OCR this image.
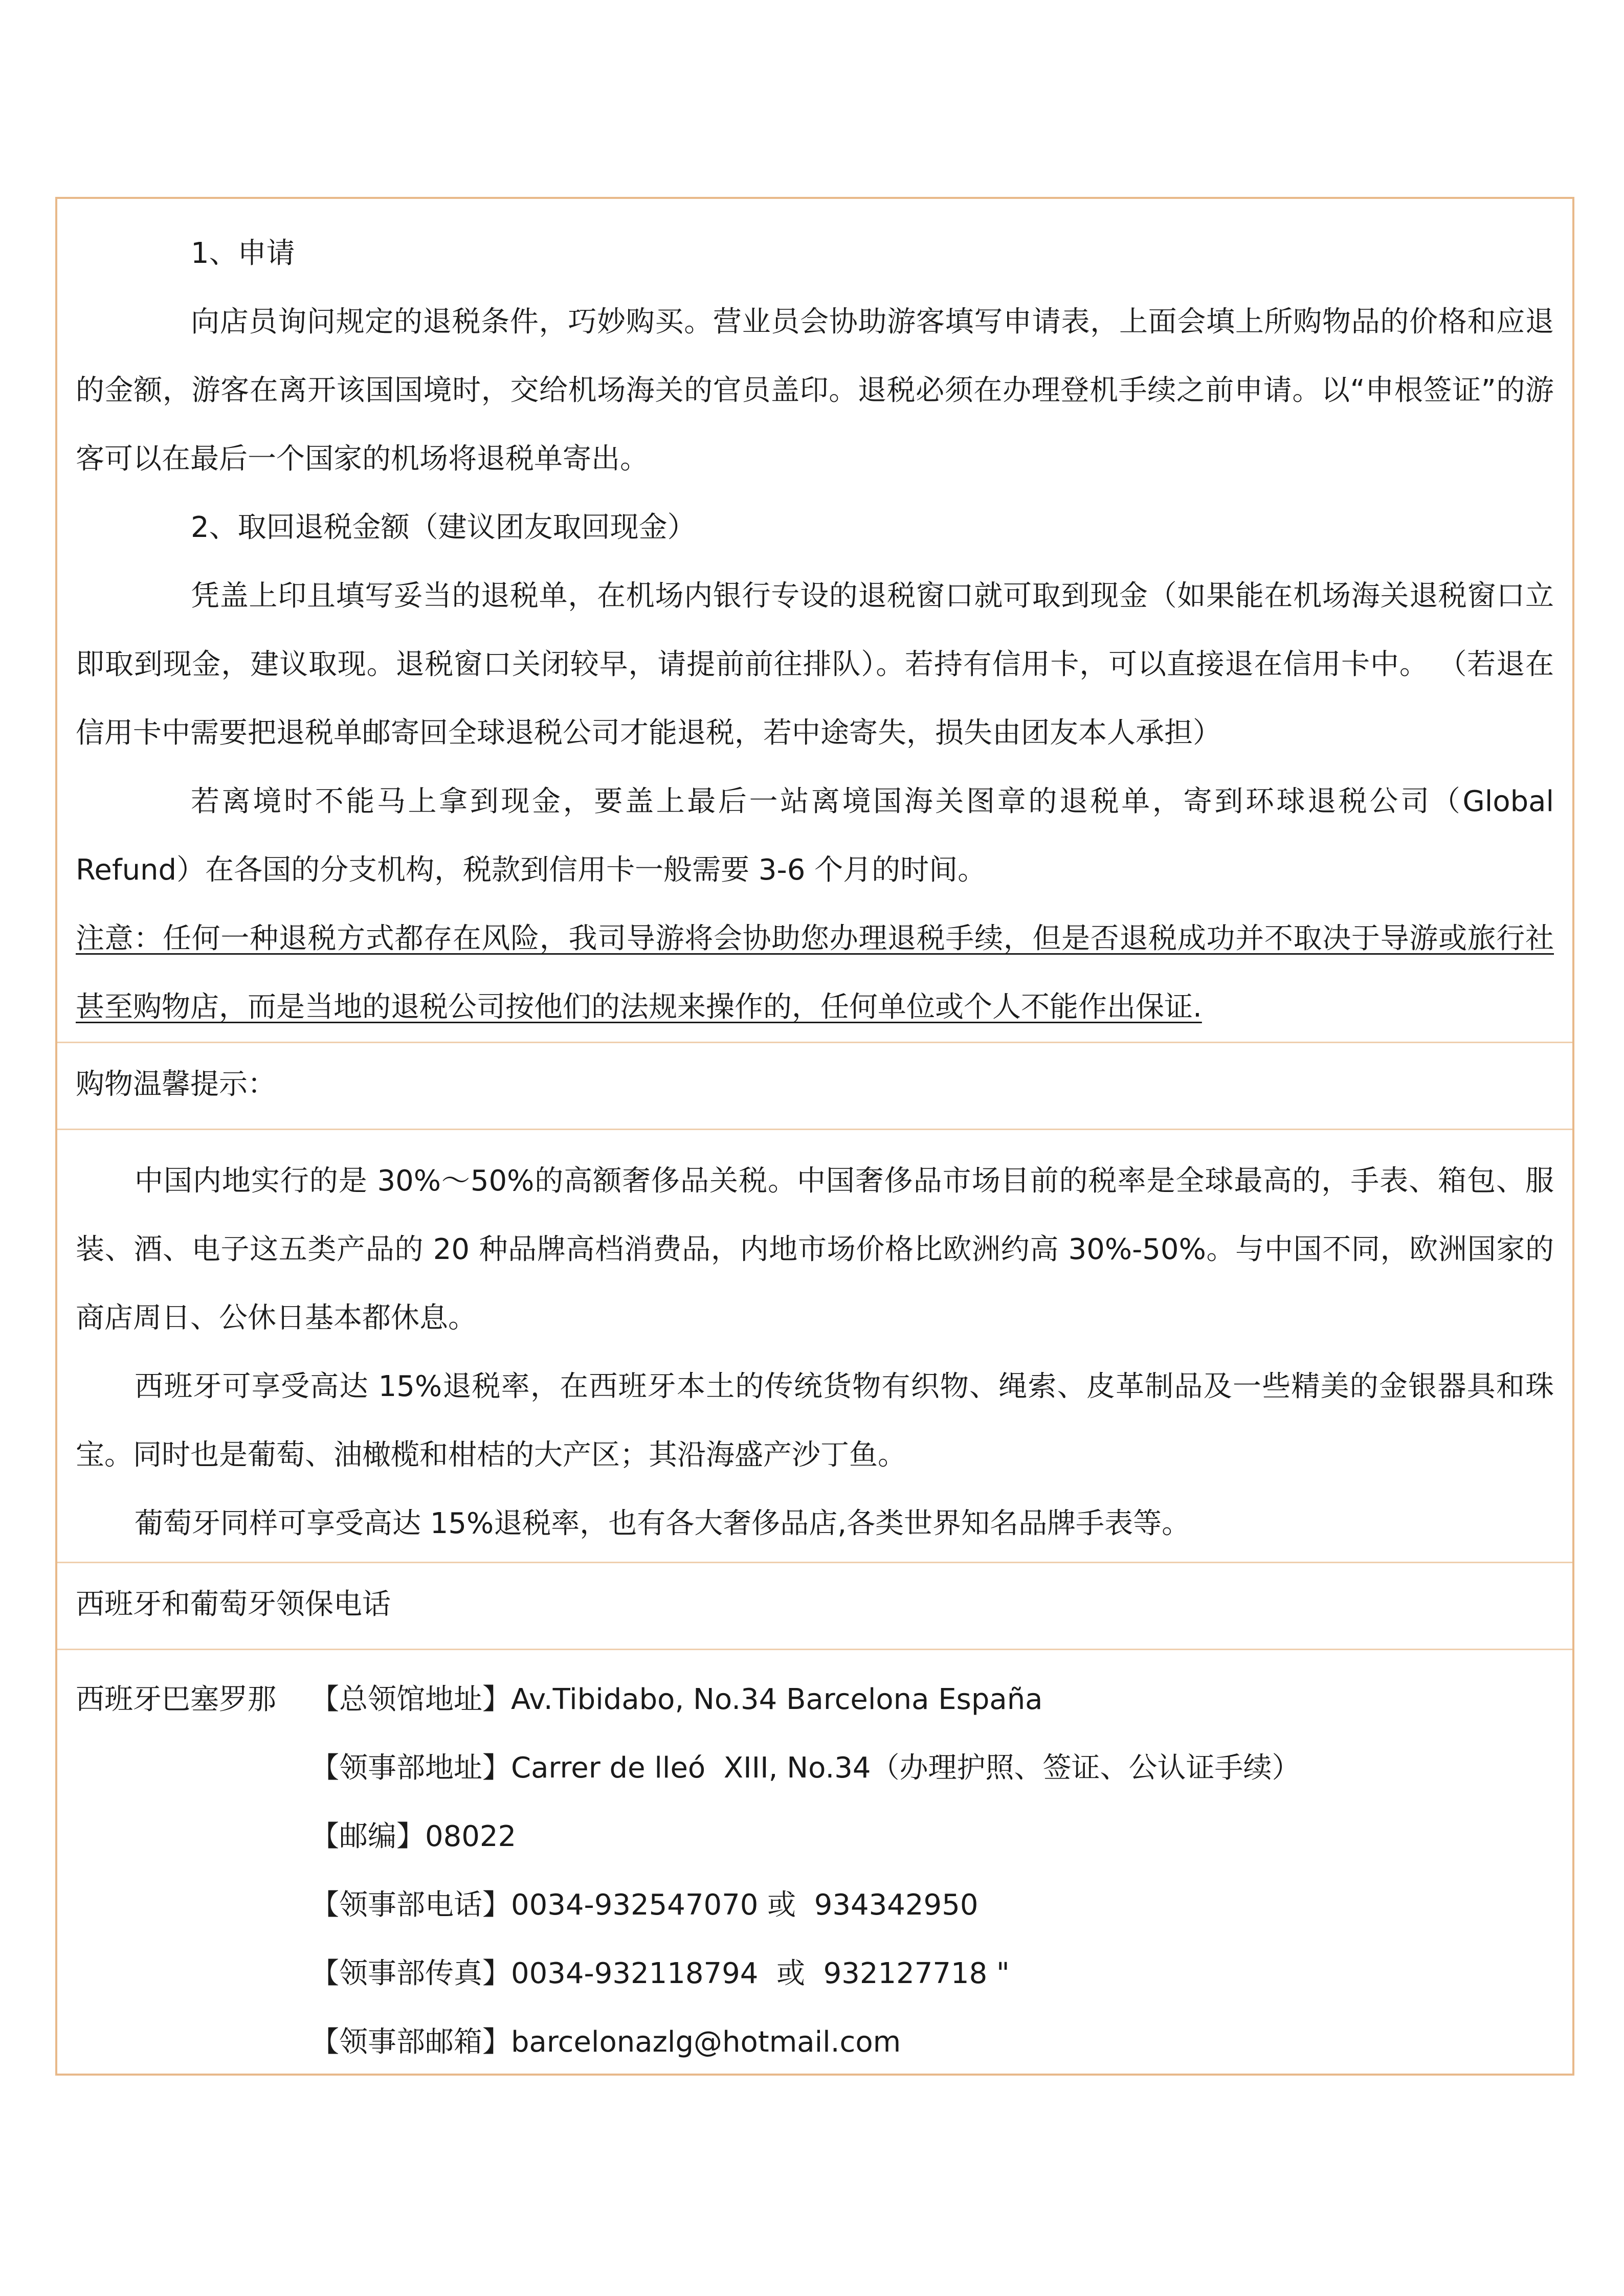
1、申请

向店员询问规定的退税条件，巧妙购买。营业员会协助游客填写申请表，上面会填上所购物品的价格和应退的金额，游客在离开该国国境时，交给机场海关的官员盖印。退税必须在办理登机手续之前申请。以“申根签证”的游客可以在最后一个国家的机场将退税单寄出。

2、取回退税金额（建议团友取回现金）

凭盖上印且填写妥当的退税单，在机场内银行专设的退税窗口就可取到现金（如果能在机场海关退税窗口立即取到现金，建议取现。退税窗口关闭较早，请提前前往排队）。若持有信用卡，可以直接退在信用卡中。 （若退在信用卡中需要把退税单邮寄回全球退税公司才能退税，若中途寄失，损失由团友本人承担）

若离境时不能马上拿到现金，要盖上最后一站离境国海关图章的退税单，寄到环球退税公司（Global Refund）在各国的分支机构，税款到信用卡一般需要 3-6 个月的时间。

注意：任何一种退税方式都存在风险，我司导游将会协助您办理退税手续，但是否退税成功并不取决于导游或旅行社甚至购物店，而是当地的退税公司按他们的法规来操作的，任何单位或个人不能作出保证.

购物温馨提示：

中国内地实行的是 30%～50%的高额奢侈品关税。中国奢侈品市场目前的税率是全球最高的，手表、箱包、服装、酒、电子这五类产品的 20 种品牌高档消费品，内地市场价格比欧洲约高 30%-50%。与中国不同，欧洲国家的商店周日、公休日基本都休息。

西班牙可享受高达 15%退税率，在西班牙本土的传统货物有织物、绳索、皮革制品及一些精美的金银器具和珠宝。同时也是葡萄、油橄榄和柑桔的大产区；其沿海盛产沙丁鱼。

葡萄牙同样可享受高达 15%退税率，也有各大奢侈品店,各类世界知名品牌手表等。

西班牙和葡萄牙领保电话
西班牙巴塞罗那 【总领馆地址】Av.Tibidabo, No.34 Barcelona España
【领事部地址】Carrer de lleó  XIII, No.34（办理护照、签证、公认证手续）
【邮编】08022
【领事部电话】0034-932547070 或  934342950
【领事部传真】0034-932118794  或  932127718 "
【领事部邮箱】barcelonazlg@hotmail.com
